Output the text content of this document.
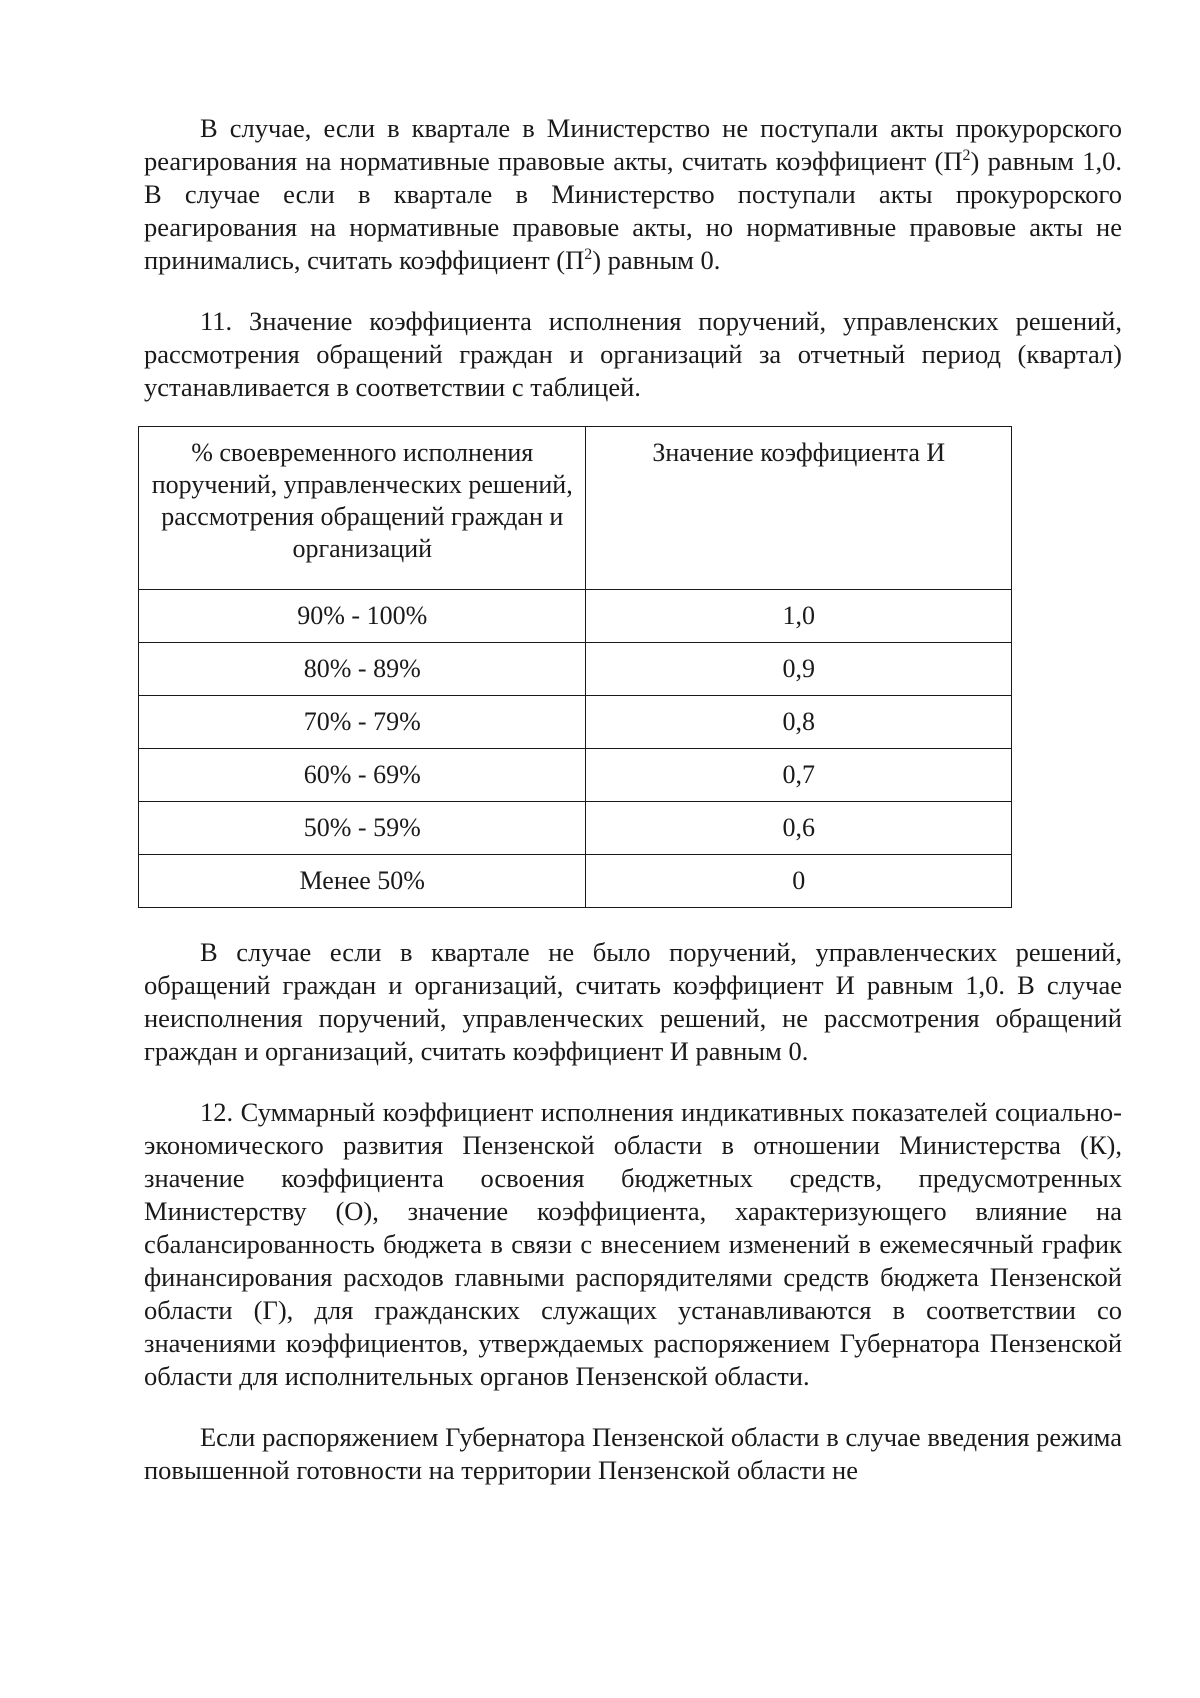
В случае, если в квартале в Министерство не поступали акты прокурорского реагирования на нормативные правовые акты, считать коэффициент $(П^2)$ равным 1,0. В случае если в квартале в Министерство поступали акты прокурорского реагирования на нормативные правовые акты, но нормативные правовые акты не принимались, считать коэффициент $(П^2)$ равным 0.

11. Значение коэффициента исполнения поручений, управленских решений, рассмотрения обращений граждан и организаций за отчетный период (квартал) устанавливается в соответствии с таблицей.

% своевременного исполнения поручений, управленческих решений, рассмотрения обращений граждан и организаций	Значение коэффициента И
90% - 100%	1,0
80% - 89%	0,9
70% - 79%	0,8
60% - 69%	0,7
50% - 59%	0,6
Менее 50%	0

В случае если в квартале не было поручений, управленческих решений, обращений граждан и организаций, считать коэффициент И равным 1,0. В случае неисполнения поручений, управленческих решений, не рассмотрения обращений граждан и организаций, считать коэффициент И равным 0.

12. Суммарный коэффициент исполнения индикативных показателей социально-экономического развития Пензенской области в отношении Министерства (К), значение коэффициента освоения бюджетных средств, предусмотренных Министерству (О), значение коэффициента, характеризующего влияние на сбалансированность бюджета в связи с внесением изменений в ежемесячный график финансирования расходов главными распорядителями средств бюджета Пензенской области (Г), для гражданских служащих устанавливаются в соответствии со значениями коэффициентов, утверждаемых распоряжением Губернатора Пензенской области для исполнительных органов Пензенской области.

Если распоряжением Губернатора Пензенской области в случае введения режима повышенной готовности на территории Пензенской области не
